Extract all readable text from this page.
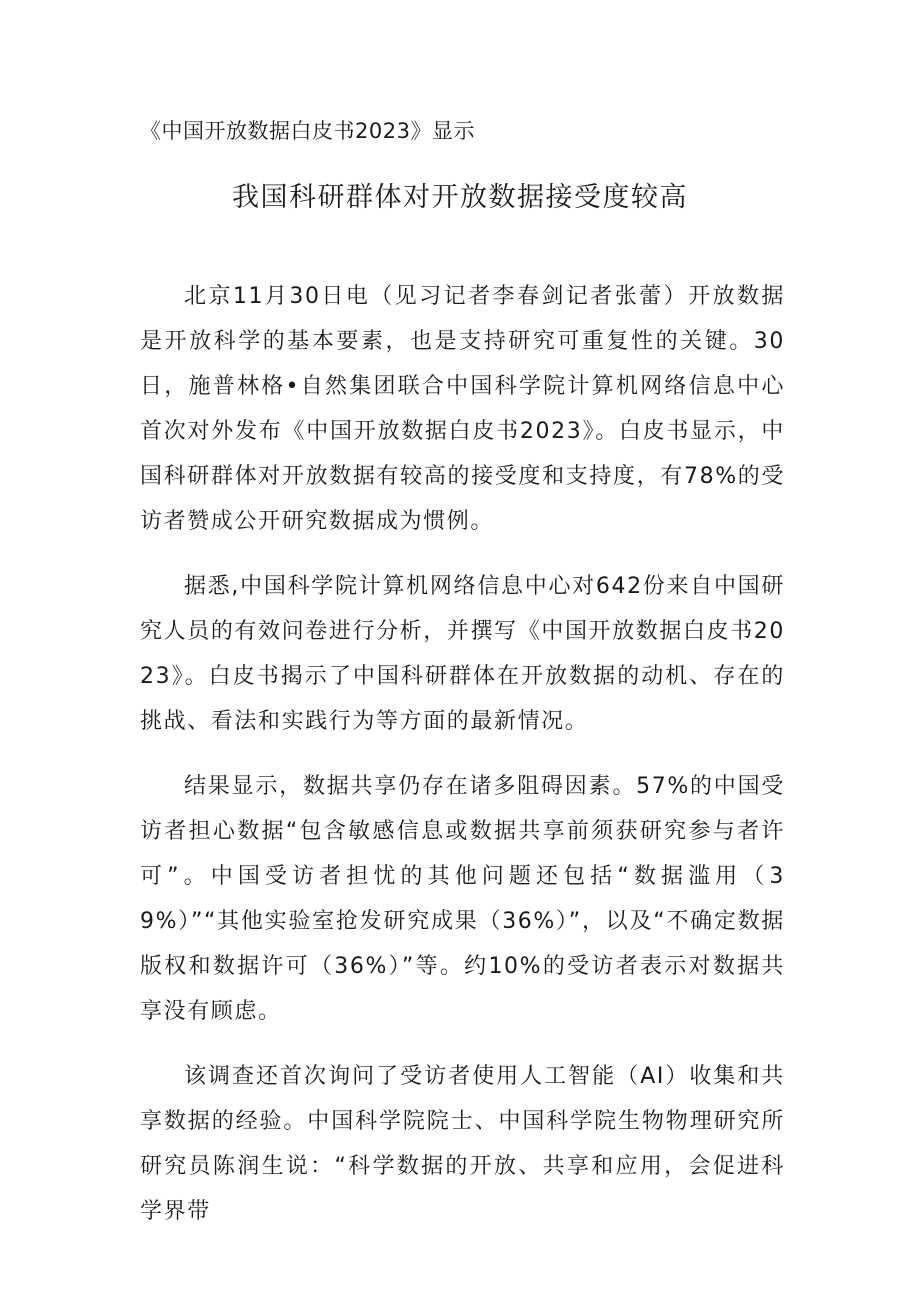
《中国开放数据白皮书2023》显示
我国科研群体对开放数据接受度较高

北京11月30日电（见习记者李春剑记者张蕾）开放数据是开放科学的基本要素，也是支持研究可重复性的关键。30日，施普林格•自然集团联合中国科学院计算机网络信息中心首次对外发布《中国开放数据白皮书2023》。白皮书显示，中国科研群体对开放数据有较高的接受度和支持度，有78%的受访者赞成公开研究数据成为惯例。

据悉,中国科学院计算机网络信息中心对642份来自中国研究人员的有效问卷进行分析，并撰写《中国开放数据白皮书2023》。白皮书揭示了中国科研群体在开放数据的动机、存在的挑战、看法和实践行为等方面的最新情况。

结果显示，数据共享仍存在诸多阻碍因素。57%的中国受访者担心数据“包含敏感信息或数据共享前须获研究参与者许可”。中国受访者担忧的其他问题还包括“数据滥用（39%）”“其他实验室抢发研究成果（36%）”，以及“不确定数据版权和数据许可（36%）”等。约10%的受访者表示对数据共享没有顾虑。

该调查还首次询问了受访者使用人工智能（AI）收集和共享数据的经验。中国科学院院士、中国科学院生物物理研究所研究员陈润生说：“科学数据的开放、共享和应用，会促进科学界带
